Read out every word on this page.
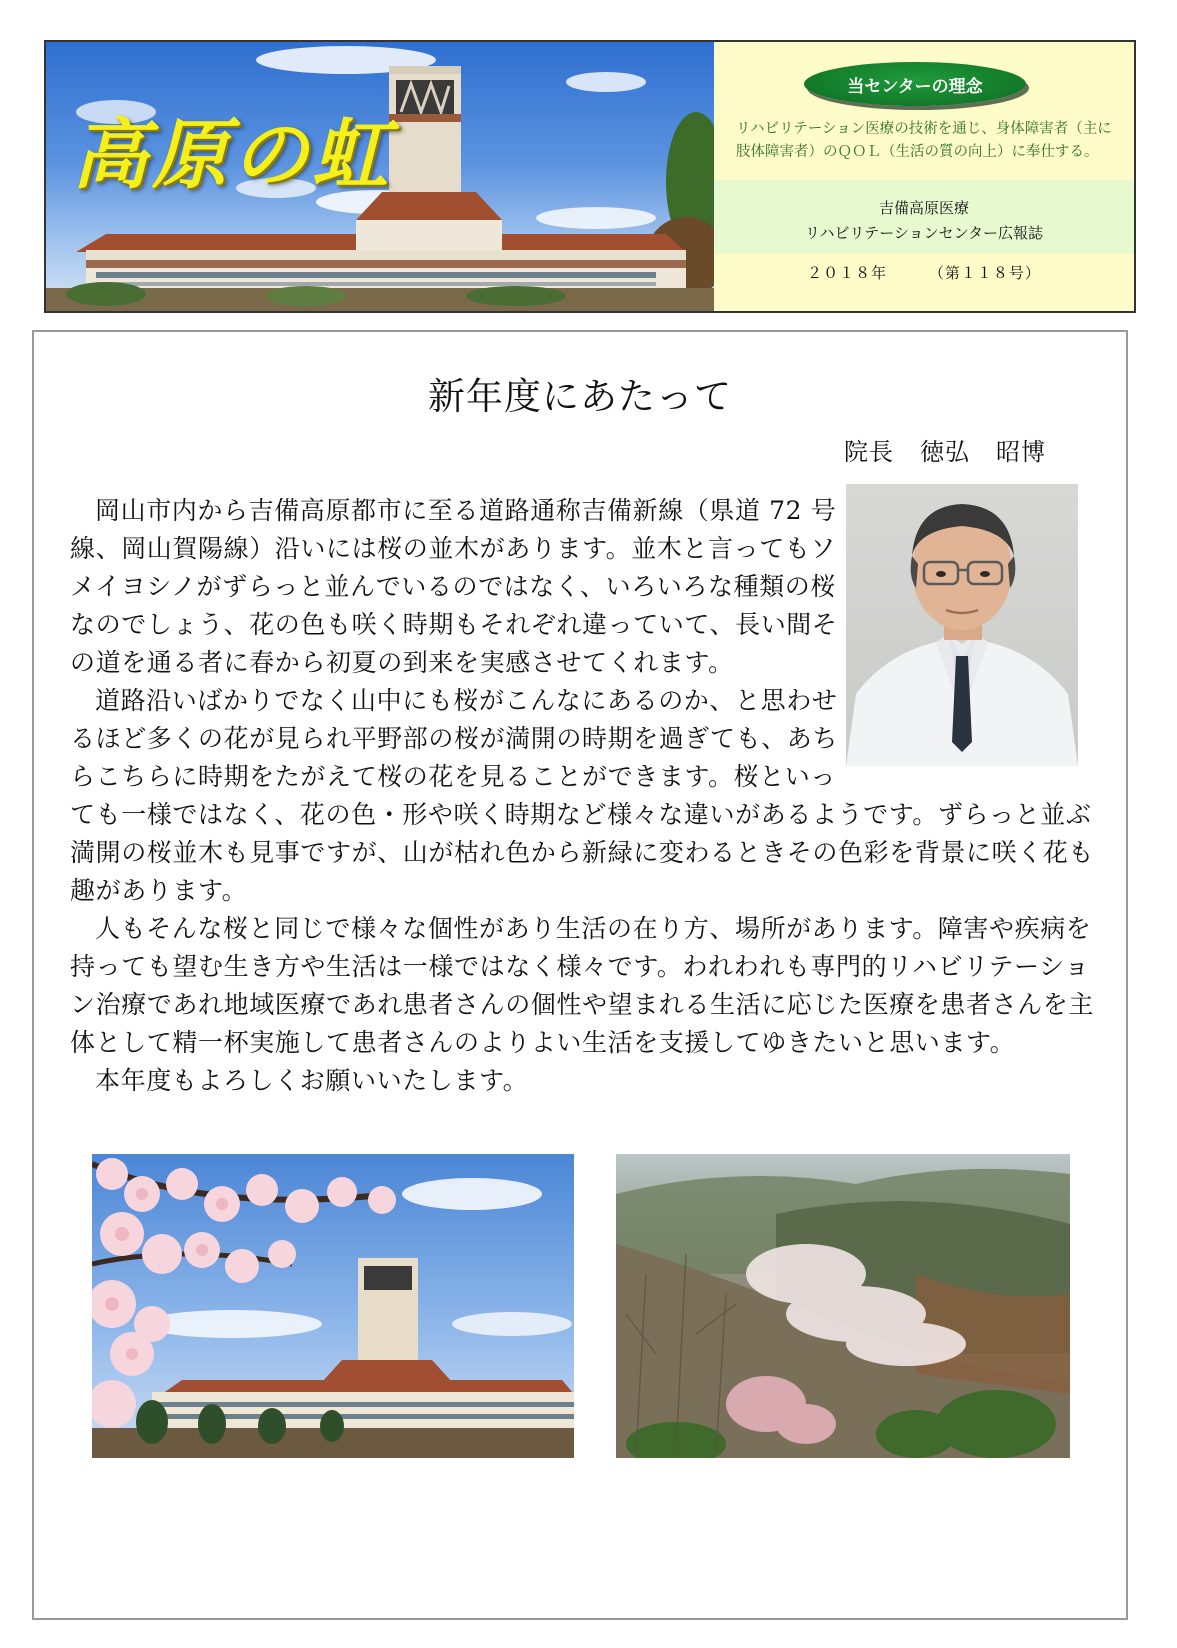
高原の虹
当センターの理念

リハビリテーション医療の技術を通じ、身体障害者（主に肢体障害者）のＱＯＬ（生活の質の向上）に奉仕する。

吉備高原医療
リハビリテーションセンター広報誌
２０１８年	（第１１８号）
新年度にあたって

院長 徳弘 昭博

岡山市内から吉備高原都市に至る道路通称吉備新線（県道 72 号線、岡山賀陽線）沿いには桜の並木があります。並木と言ってもソメイヨシノがずらっと並んでいるのではなく、いろいろな種類の桜なのでしょう、花の色も咲く時期もそれぞれ違っていて、長い間その道を通る者に春から初夏の到来を実感させてくれます。

道路沿いばかりでなく山中にも桜がこんなにあるのか、と思わせるほど多くの花が見られ平野部の桜が満開の時期を過ぎても、あちらこちらに時期をたがえて桜の花を見ることができます。桜といっても一様ではなく、花の色・形や咲く時期など様々な違いがあるようです。ずらっと並ぶ満開の桜並木も見事ですが、山が枯れ色から新緑に変わるときその色彩を背景に咲く花も趣があります。

人もそんな桜と同じで様々な個性があり生活の在り方、場所があります。障害や疾病を持っても望む生き方や生活は一様ではなく様々です。われわれも専門的リハビリテーション治療であれ地域医療であれ患者さんの個性や望まれる生活に応じた医療を患者さんを主体として精一杯実施して患者さんのよりよい生活を支援してゆきたいと思います。

本年度もよろしくお願いいたします。
